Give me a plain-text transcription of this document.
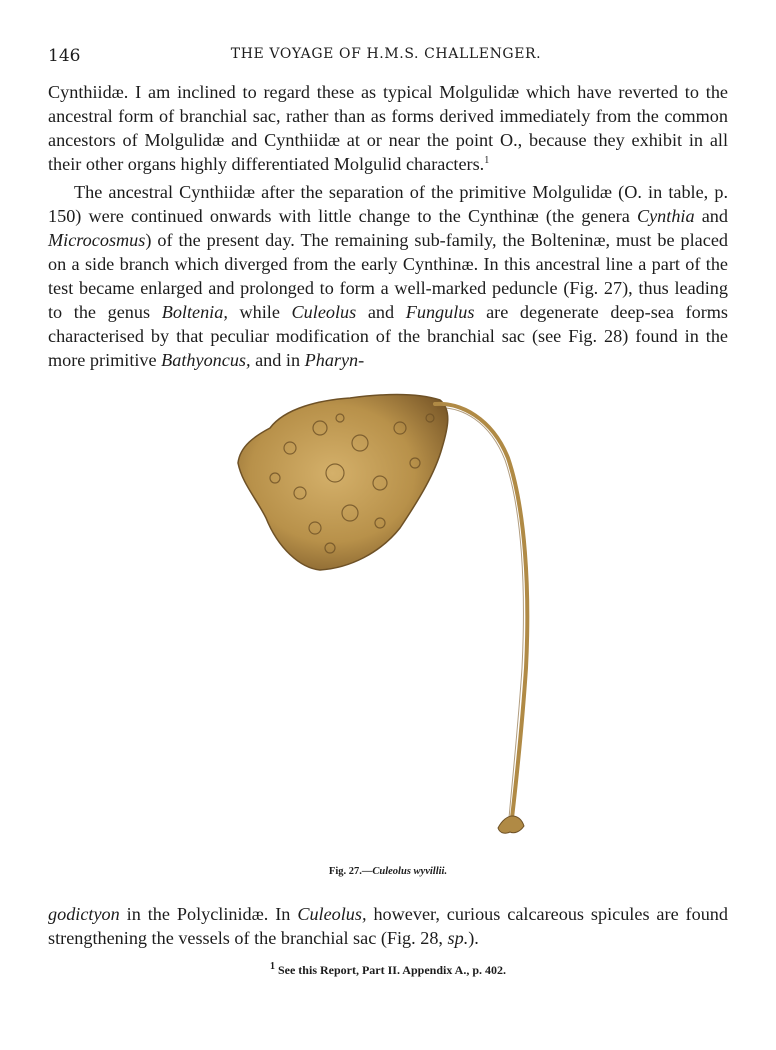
146	THE VOYAGE OF H.M.S. CHALLENGER.

Cynthiidæ. I am inclined to regard these as typical Molgulidæ which have reverted to the ancestral form of branchial sac, rather than as forms derived immediately from the common ancestors of Molgulidæ and Cynthiidæ at or near the point O., because they exhibit in all their other organs highly differentiated Molgulid characters.$^1$

The ancestral Cynthiidæ after the separation of the primitive Molgulidæ (O. in table, p. 150) were continued onwards with little change to the Cynthinæ (the genera Cynthia and Microcosmus) of the present day. The remaining sub-family, the Bolteninæ, must be placed on a side branch which diverged from the early Cynthinæ. In this ancestral line a part of the test became enlarged and prolonged to form a well-marked peduncle (Fig. 27), thus leading to the genus Boltenia, while Culeolus and Fungulus are degenerate deep-sea forms characterised by that peculiar modification of the branchial sac (see Fig. 28) found in the more primitive Bathyoncus, and in Pharyn-

Fig. 27.—Culeolus wyvillii.

godictyon in the Polyclinidæ. In Culeolus, however, curious calcareous spicules are found strengthening the vessels of the branchial sac (Fig. 28, sp.).

$^1$ See this Report, Part II. Appendix A., p. 402.
